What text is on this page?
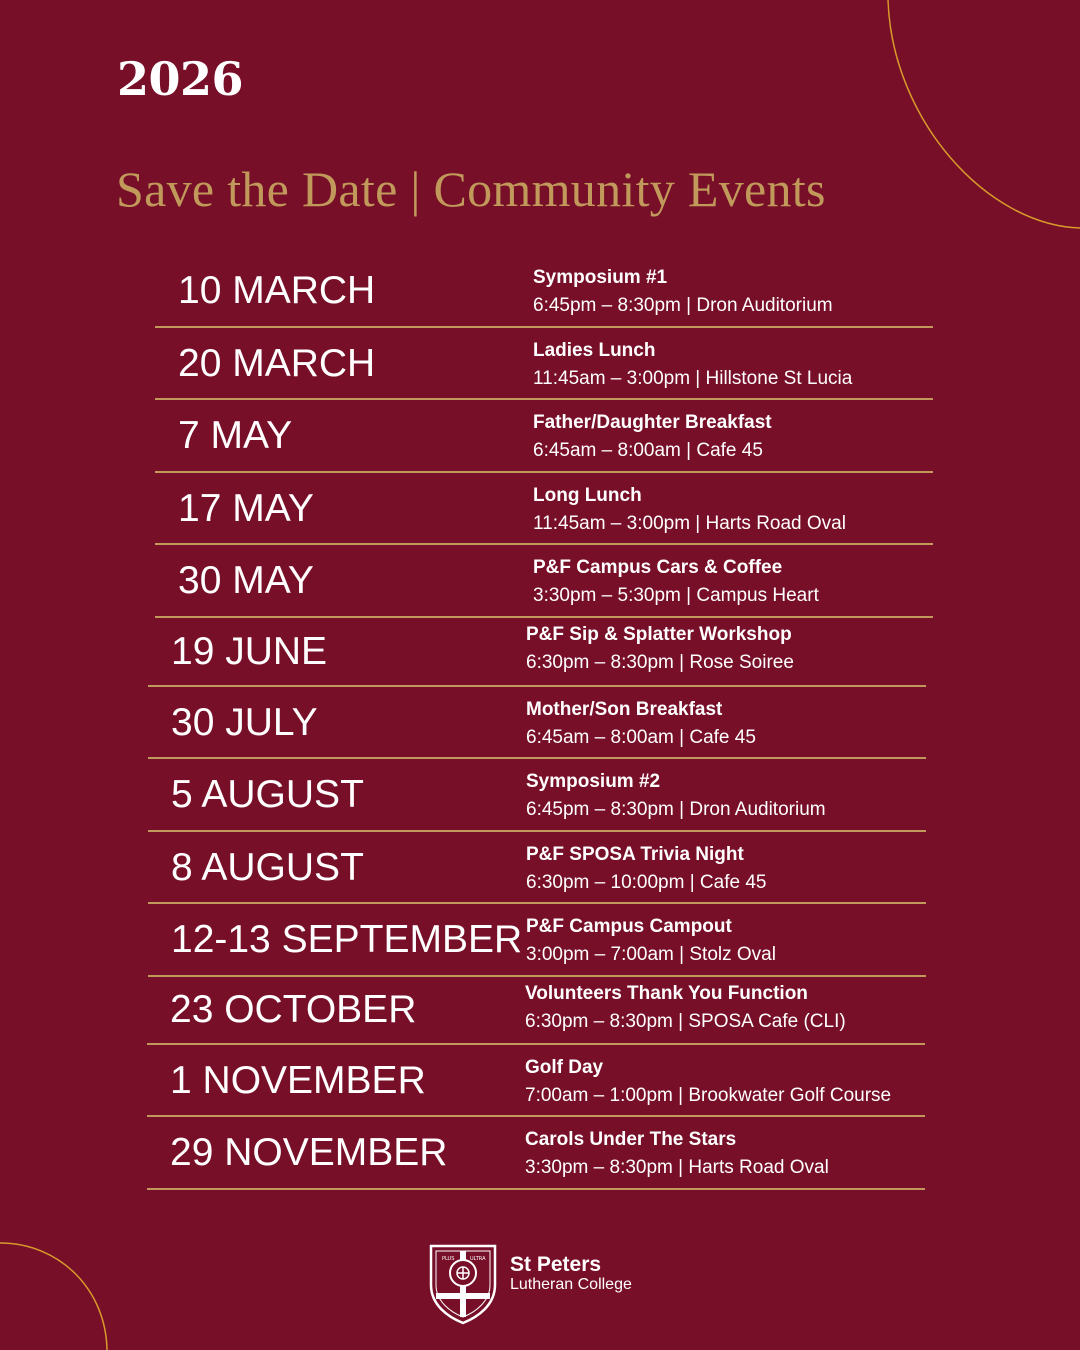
2026
Save the Date | Community Events
10 MARCH	Symposium #1
6:45pm – 8:30pm | Dron Auditorium
20 MARCH	Ladies Lunch
11:45am – 3:00pm | Hillstone St Lucia
7 MAY	Father/Daughter Breakfast
6:45am – 8:00am | Cafe 45
17 MAY	Long Lunch
11:45am – 3:00pm | Harts Road Oval
30 MAY	P&F Campus Cars & Coffee
3:30pm – 5:30pm | Campus Heart
19 JUNE	P&F Sip & Splatter Workshop
6:30pm – 8:30pm | Rose Soiree
30 JULY	Mother/Son Breakfast
6:45am – 8:00am | Cafe 45
5 AUGUST	Symposium #2
6:45pm – 8:30pm | Dron Auditorium
8 AUGUST	P&F SPOSA Trivia Night
6:30pm – 10:00pm | Cafe 45
12-13 SEPTEMBER P&F Campus Campout
3:00pm – 7:00am | Stolz Oval
23 OCTOBER	Volunteers Thank You Function
6:30pm – 8:30pm | SPOSA Cafe (CLI)
1 NOVEMBER	Golf Day
7:00am – 1:00pm | Brookwater Golf Course
29 NOVEMBER	Carols Under The Stars
3:30pm – 8:30pm | Harts Road Oval
PLUS	ULTRA St Peters
Lutheran College
